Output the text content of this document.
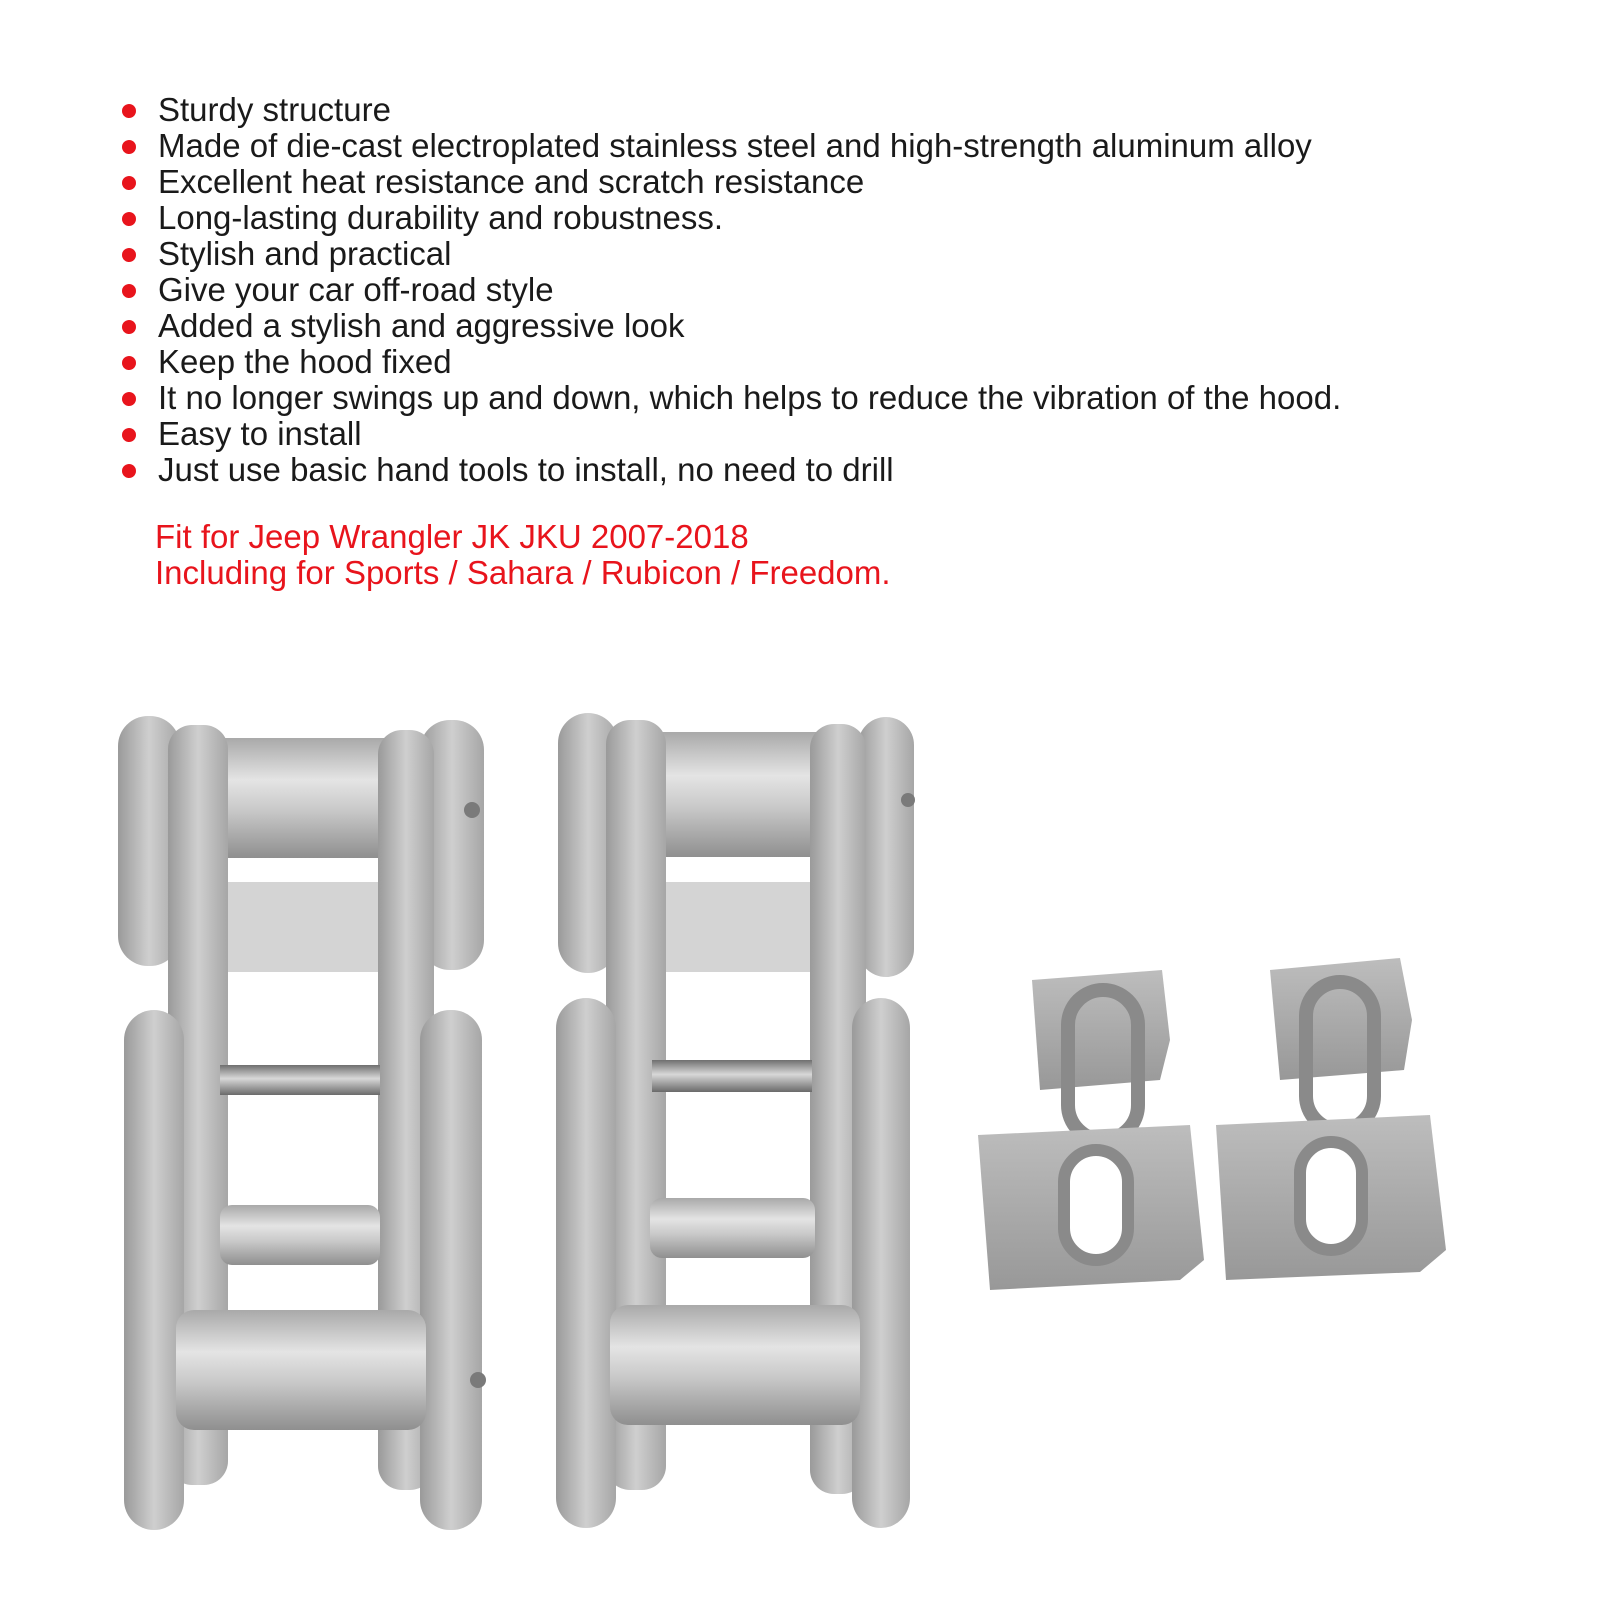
Sturdy structure
Made of die-cast electroplated stainless steel and high-strength aluminum alloy
Excellent heat resistance and scratch resistance
Long-lasting durability and robustness.
Stylish and practical
Give your car off-road style
Added a stylish and aggressive look
Keep the hood fixed
It no longer swings up and down, which helps to reduce the vibration of the hood.
Easy to install
Just use basic hand tools to install, no need to drill
Fit for Jeep Wrangler JK JKU 2007-2018
Including for Sports / Sahara / Rubicon / Freedom.
